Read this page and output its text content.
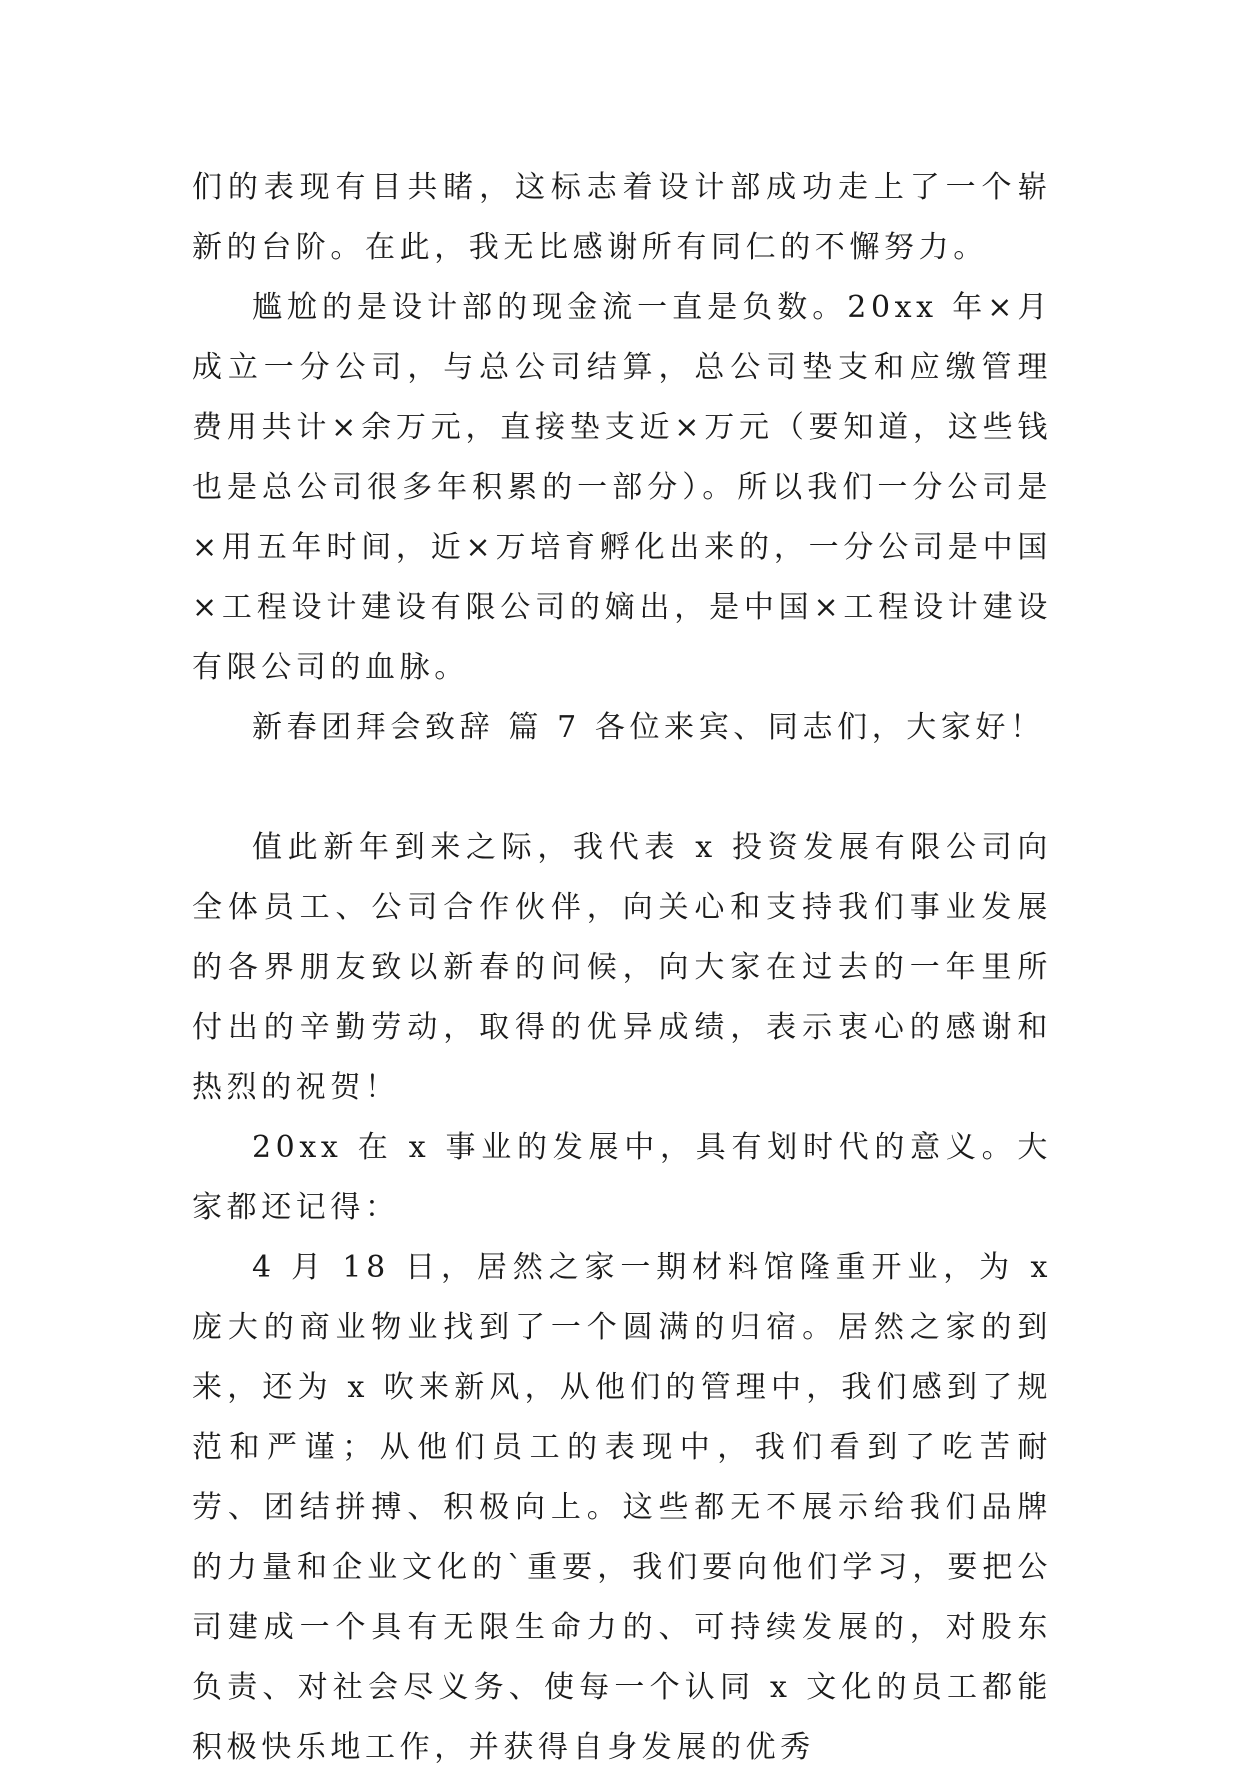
们的表现有目共睹，这标志着设计部成功走上了一个崭新的台阶。在此，我无比感谢所有同仁的不懈努力。

尴尬的是设计部的现金流一直是负数。20xx 年×月成立一分公司，与总公司结算，总公司垫支和应缴管理费用共计×余万元，直接垫支近×万元（要知道，这些钱也是总公司很多年积累的一部分）。所以我们一分公司是×用五年时间，近×万培育孵化出来的，一分公司是中国×工程设计建设有限公司的嫡出，是中国×工程设计建设有限公司的血脉。

新春团拜会致辞 篇 7 各位来宾、同志们，大家好！

值此新年到来之际，我代表 x 投资发展有限公司向全体员工、公司合作伙伴，向关心和支持我们事业发展的各界朋友致以新春的问候，向大家在过去的一年里所付出的辛勤劳动，取得的优异成绩，表示衷心的感谢和热烈的祝贺！

20xx 在 x 事业的发展中，具有划时代的意义。大家都还记得：

4 月 18 日，居然之家一期材料馆隆重开业，为 x 庞大的商业物业找到了一个圆满的归宿。居然之家的到来，还为 x 吹来新风，从他们的管理中，我们感到了规范和严谨；从他们员工的表现中，我们看到了吃苦耐劳、团结拼搏、积极向上。这些都无不展示给我们品牌的力量和企业文化的`重要，我们要向他们学习，要把公司建成一个具有无限生命力的、可持续发展的，对股东负责、对社会尽义务、使每一个认同 x 文化的员工都能积极快乐地工作，并获得自身发展的优秀
